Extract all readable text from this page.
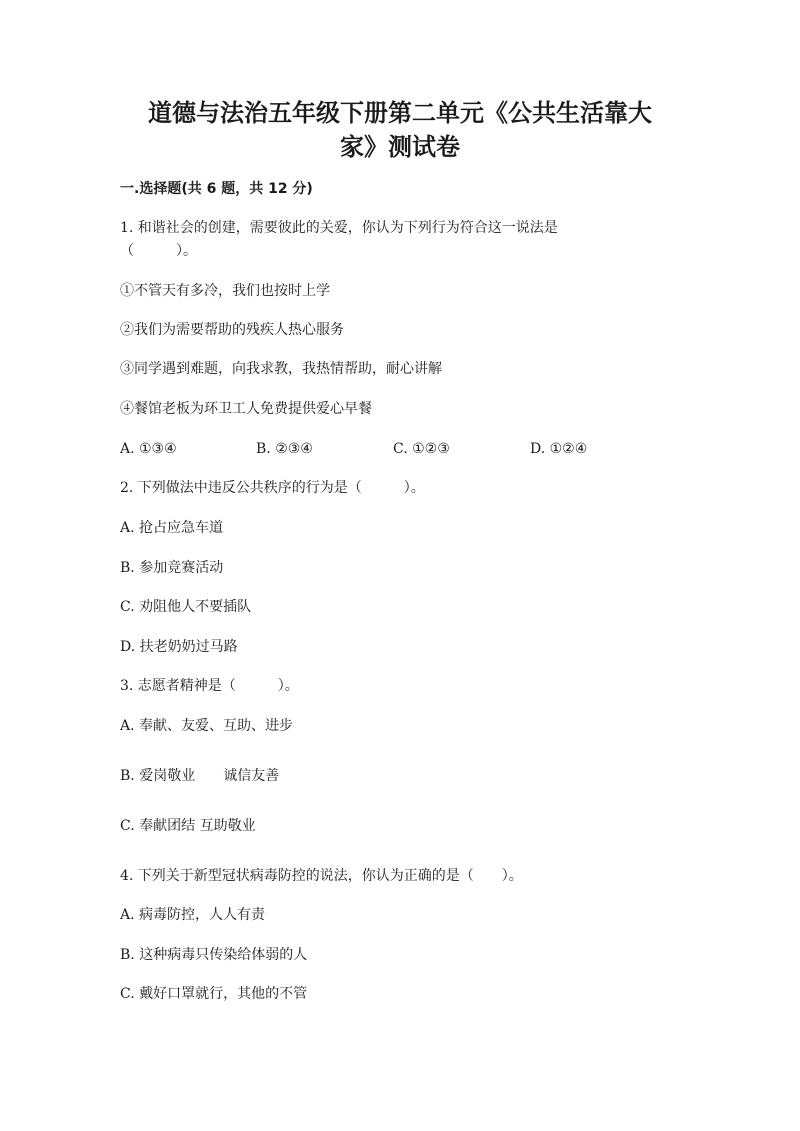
道德与法治五年级下册第二单元《公共生活靠大
家》测试卷
一.选择题(共 6 题，共 12 分)
1. 和谐社会的创建，需要彼此的关爱，你认为下列行为符合这一说法是
（　　　）。
①不管天有多冷，我们也按时上学
②我们为需要帮助的残疾人热心服务
③同学遇到难题，向我求教，我热情帮助，耐心讲解
④餐馆老板为环卫工人免费提供爱心早餐
A. ①③④	B. ②③④	C. ①②③	D. ①②④
2. 下列做法中违反公共秩序的行为是（　　　）。
A. 抢占应急车道
B. 参加竞赛活动
C. 劝阻他人不要插队
D. 扶老奶奶过马路
3. 志愿者精神是（　　　）。
A. 奉献、友爱、互助、进步
B. 爱岗敬业　　诚信友善
C. 奉献团结 互助敬业
4. 下列关于新型冠状病毒防控的说法，你认为正确的是（　　）。
A. 病毒防控，人人有责
B. 这种病毒只传染给体弱的人
C. 戴好口罩就行，其他的不管
